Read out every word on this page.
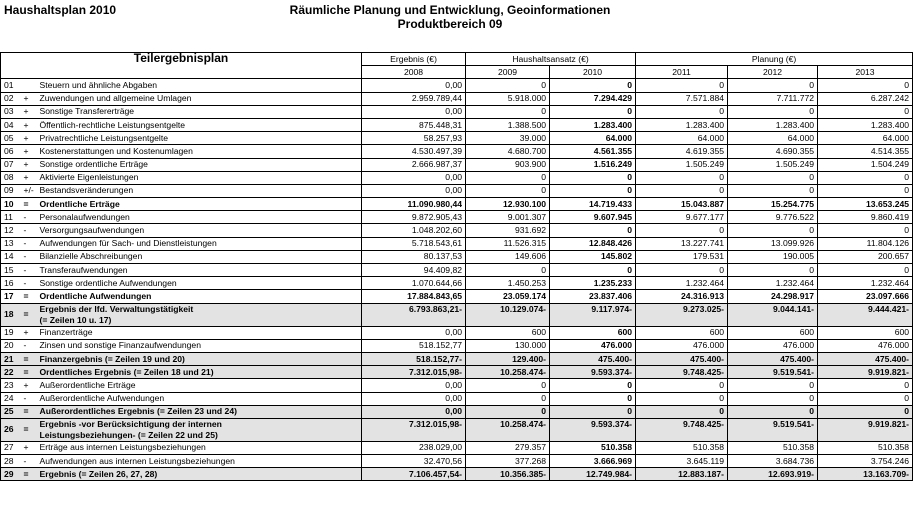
Haushaltsplan 2010	Räumliche Planung und Entwicklung, Geoinformationen
Produktbereich 09
Teilergebnisplan			Ergebnis (€)	Haushaltsansatz (€)		Planung (€)		
			2008	2009	2010	2011	2012	2013
01		Steuern und ähnliche Abgaben	0,00	0	0	0	0	0
02	+	Zuwendungen und allgemeine Umlagen	2.959.789,44	5.918.000	7.294.429	7.571.884	7.711.772	6.287.242
03	+	Sonstige Transfererträge	0,00	0	0	0	0	0
04	+	Öffentlich-rechtliche Leistungsentgelte	875.448,31	1.388.500	1.283.400	1.283.400	1.283.400	1.283.400
05	+	Privatrechtliche Leistungsentgelte	58.257,93	39.000	64.000	64.000	64.000	64.000
06	+	Kostenerstattungen und Kostenumlagen	4.530.497,39	4.680.700	4.561.355	4.619.355	4.690.355	4.514.355
07	+	Sonstige ordentliche Erträge	2.666.987,37	903.900	1.516.249	1.505.249	1.505.249	1.504.249
08	+	Aktivierte Eigenleistungen	0,00	0	0	0	0	0
09	+/-	Bestandsveränderungen	0,00	0	0	0	0	0
10	=	Ordentliche Erträge	11.090.980,44	12.930.100	14.719.433	15.043.887	15.254.775	13.653.245
11	-	Personalaufwendungen	9.872.905,43	9.001.307	9.607.945	9.677.177	9.776.522	9.860.419
12	-	Versorgungsaufwendungen	1.048.202,60	931.692	0	0	0	0
13	-	Aufwendungen für Sach- und Dienstleistungen	5.718.543,61	11.526.315	12.848.426	13.227.741	13.099.926	11.804.126
14	-	Bilanzielle Abschreibungen	80.137,53	149.606	145.802	179.531	190.005	200.657
15	-	Transferaufwendungen	94.409,82	0	0	0	0	0
16	-	Sonstige ordentliche Aufwendungen	1.070.644,66	1.450.253	1.235.233	1.232.464	1.232.464	1.232.464
17	=	Ordentliche Aufwendungen	17.884.843,65	23.059.174	23.837.406	24.316.913	24.298.917	23.097.666
18	=	Ergebnis der lfd. Verwaltungstätigkeit
(= Zeilen 10 u. 17)	6.793.863,21-	10.129.074-	9.117.974-	9.273.025-	9.044.141-	9.444.421-
19	+	Finanzerträge	0,00	600	600	600	600	600
20	-	Zinsen und sonstige Finanzaufwendungen	518.152,77	130.000	476.000	476.000	476.000	476.000
21	=	Finanzergebnis (= Zeilen 19 und 20)	518.152,77-	129.400-	475.400-	475.400-	475.400-	475.400-
22	=	Ordentliches Ergebnis (= Zeilen 18 und 21)	7.312.015,98-	10.258.474-	9.593.374-	9.748.425-	9.519.541-	9.919.821-
23	+	Außerordentliche Erträge	0,00	0	0	0	0	0
24	-	Außerordentliche Aufwendungen	0,00	0	0	0	0	0
25	=	Außerordentliches Ergebnis (= Zeilen 23 und 24)	0,00	0	0	0	0	0
26	=	Ergebnis -vor Berücksichtigung der internen
Leistungsbeziehungen- (= Zeilen 22 und 25)	7.312.015,98-	10.258.474-	9.593.374-	9.748.425-	9.519.541-	9.919.821-
27	+	Erträge aus internen Leistungsbeziehungen	238.029,00	279.357	510.358	510.358	510.358	510.358
28	-	Aufwendungen aus internen Leistungsbeziehungen	32.470,56	377.268	3.666.969	3.645.119	3.684.736	3.754.246
29	=	Ergebnis (= Zeilen 26, 27, 28)	7.106.457,54-	10.356.385-	12.749.984-	12.883.187-	12.693.919-	13.163.709-
